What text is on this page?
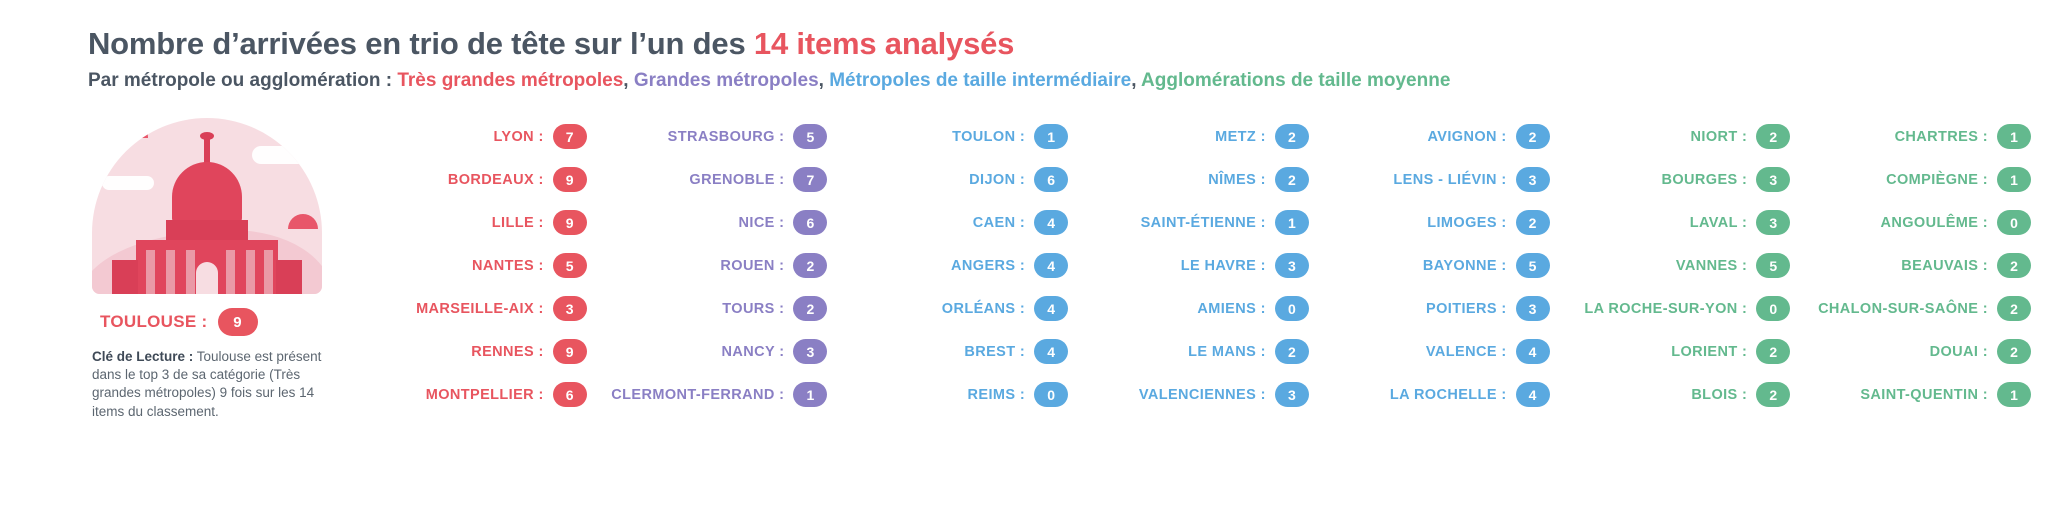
Nombre d’arrivées en trio de tête sur l’un des 14 items analysés
Par métropole ou agglomération : Très grandes métropoles, Grandes métropoles, Métropoles de taille intermédiaire, Agglomérations de taille moyenne
TOULOUSE :	9
Clé de Lecture : Toulouse est présent dans le top 3 de sa catégorie (Très grandes métropoles) 9 fois sur les 14 items du classement.
LYON :	7
BORDEAUX :	9
LILLE :	9
NANTES :	5
MARSEILLE-AIX :	3
RENNES :	9
MONTPELLIER :	6
STRASBOURG :	5
GRENOBLE :	7
NICE :	6
ROUEN :	2
TOURS :	2
NANCY :	3
CLERMONT-FERRAND :	1
TOULON :	1
DIJON :	6
CAEN :	4
ANGERS :	4
ORLÉANS :	4
BREST :	4
REIMS :	0
METZ :	2
NÎMES :	2
SAINT-ÉTIENNE :	1
LE HAVRE :	3
AMIENS :	0
LE MANS :	2
VALENCIENNES :	3
AVIGNON :	2
LENS - LIÉVIN :	3
LIMOGES :	2
BAYONNE :	5
POITIERS :	3
VALENCE :	4
LA ROCHELLE :	4
NIORT :	2
BOURGES :	3
LAVAL :	3
VANNES :	5
LA ROCHE-SUR-YON :	0
LORIENT :	2
BLOIS :	2
CHARTRES :	1
COMPIÈGNE :	1
ANGOULÊME :	0
BEAUVAIS :	2
CHALON-SUR-SAÔNE :	2
DOUAI :	2
SAINT-QUENTIN :	1
